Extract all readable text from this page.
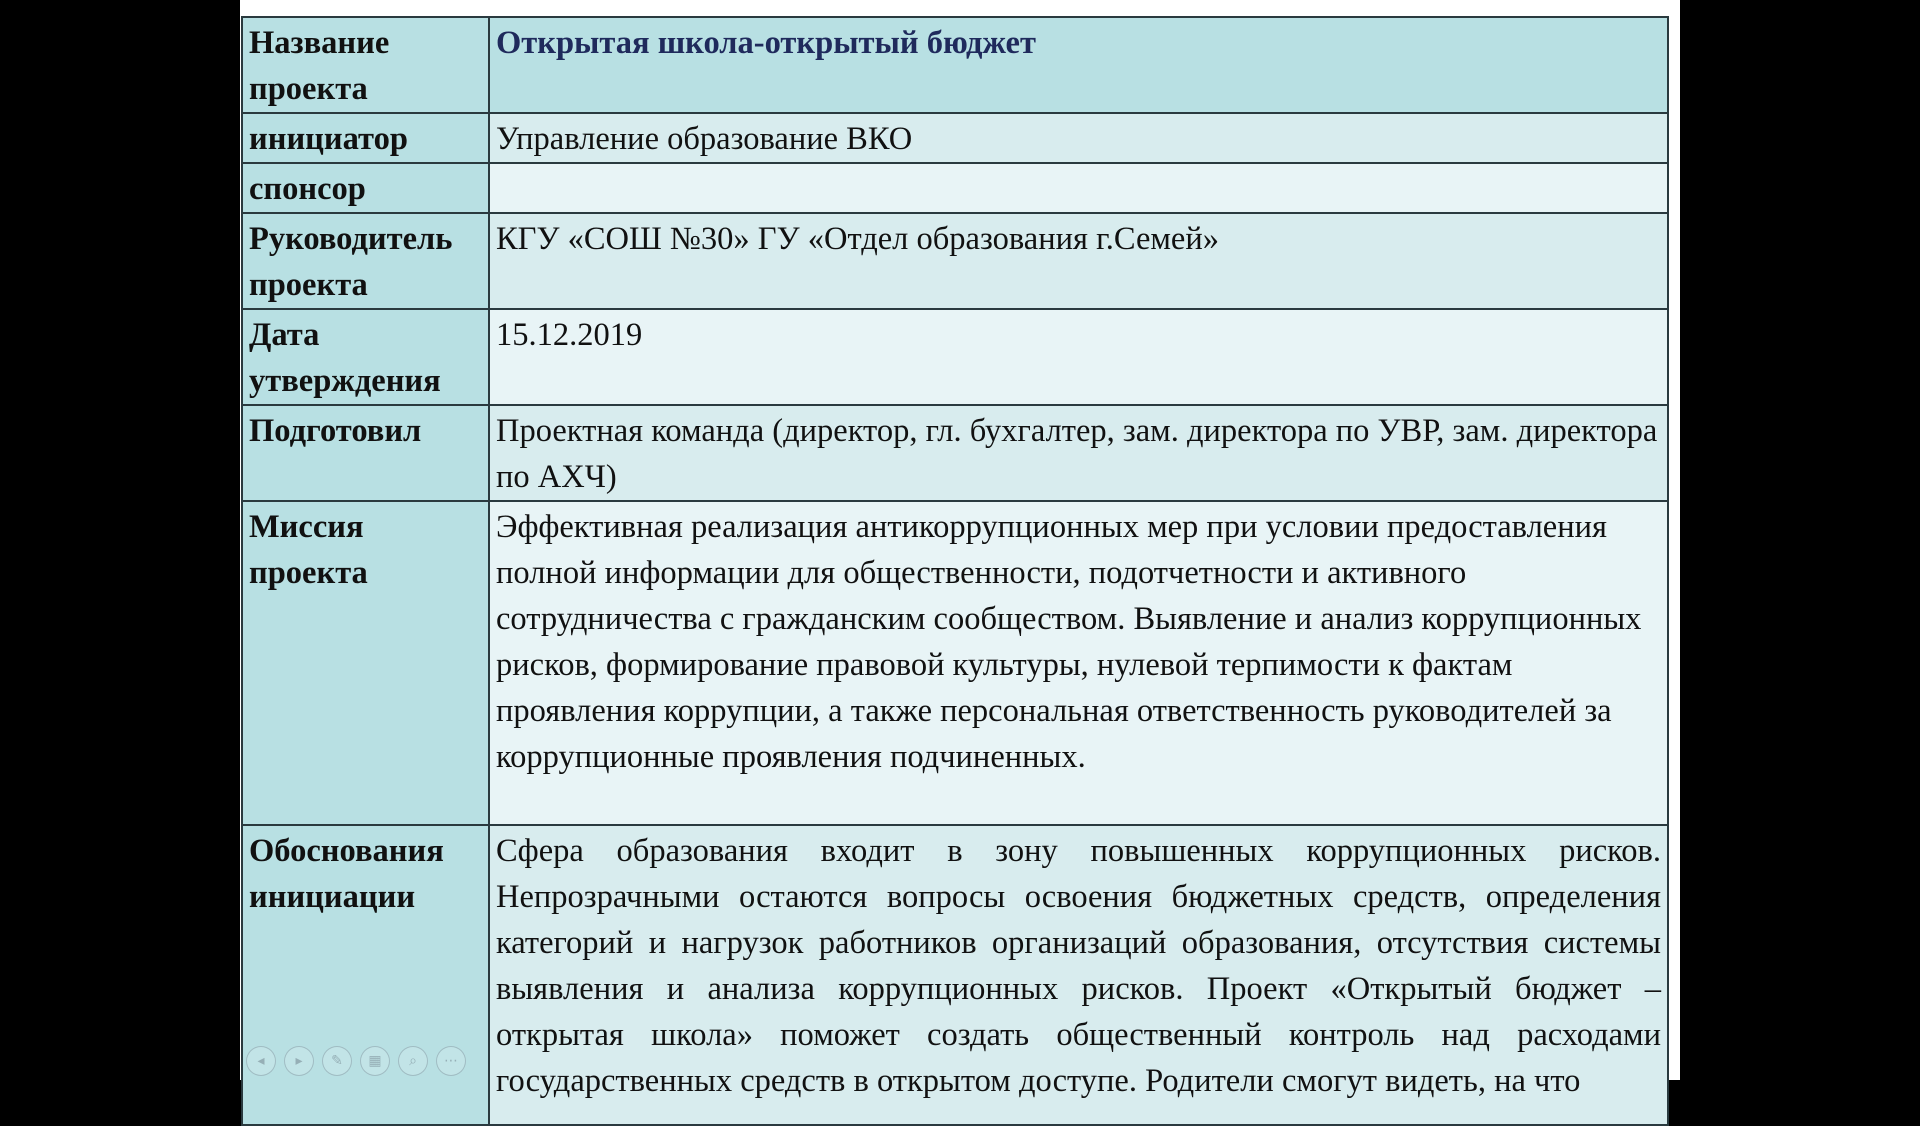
Название проекта	Открытая школа-открытый бюджет
инициатор	Управление образование ВКО
спонсор	
Руководитель проекта	КГУ «СОШ №30» ГУ «Отдел образования г.Семей»
Дата утверждения	15.12.2019
Подготовил	Проектная команда (директор, гл. бухгалтер, зам. директора по УВР, зам. директора по АХЧ)
Миссия проекта	Эффективная реализация антикоррупционных мер при условии предоставления полной информации для общественности, подотчетности и активного сотрудничества с гражданским сообществом. Выявление и анализ коррупционных рисков, формирование правовой культуры, нулевой терпимости к фактам проявления коррупции, а также персональная ответственность руководителей за коррупционные проявления подчиненных.
Обоснования инициации	Сфера образования входит в зону повышенных коррупционных рисков. Непрозрачными остаются вопросы освоения бюджетных средств, определения категорий и нагрузок работников организаций образования, отсутствия системы выявления и анализа коррупционных рисков. Проект «Открытый бюджет – открытая школа» поможет создать общественный контроль над расходами государственных средств в открытом доступе. Родители смогут видеть, на что
◂	▸	✎	▦	⌕	⋯
